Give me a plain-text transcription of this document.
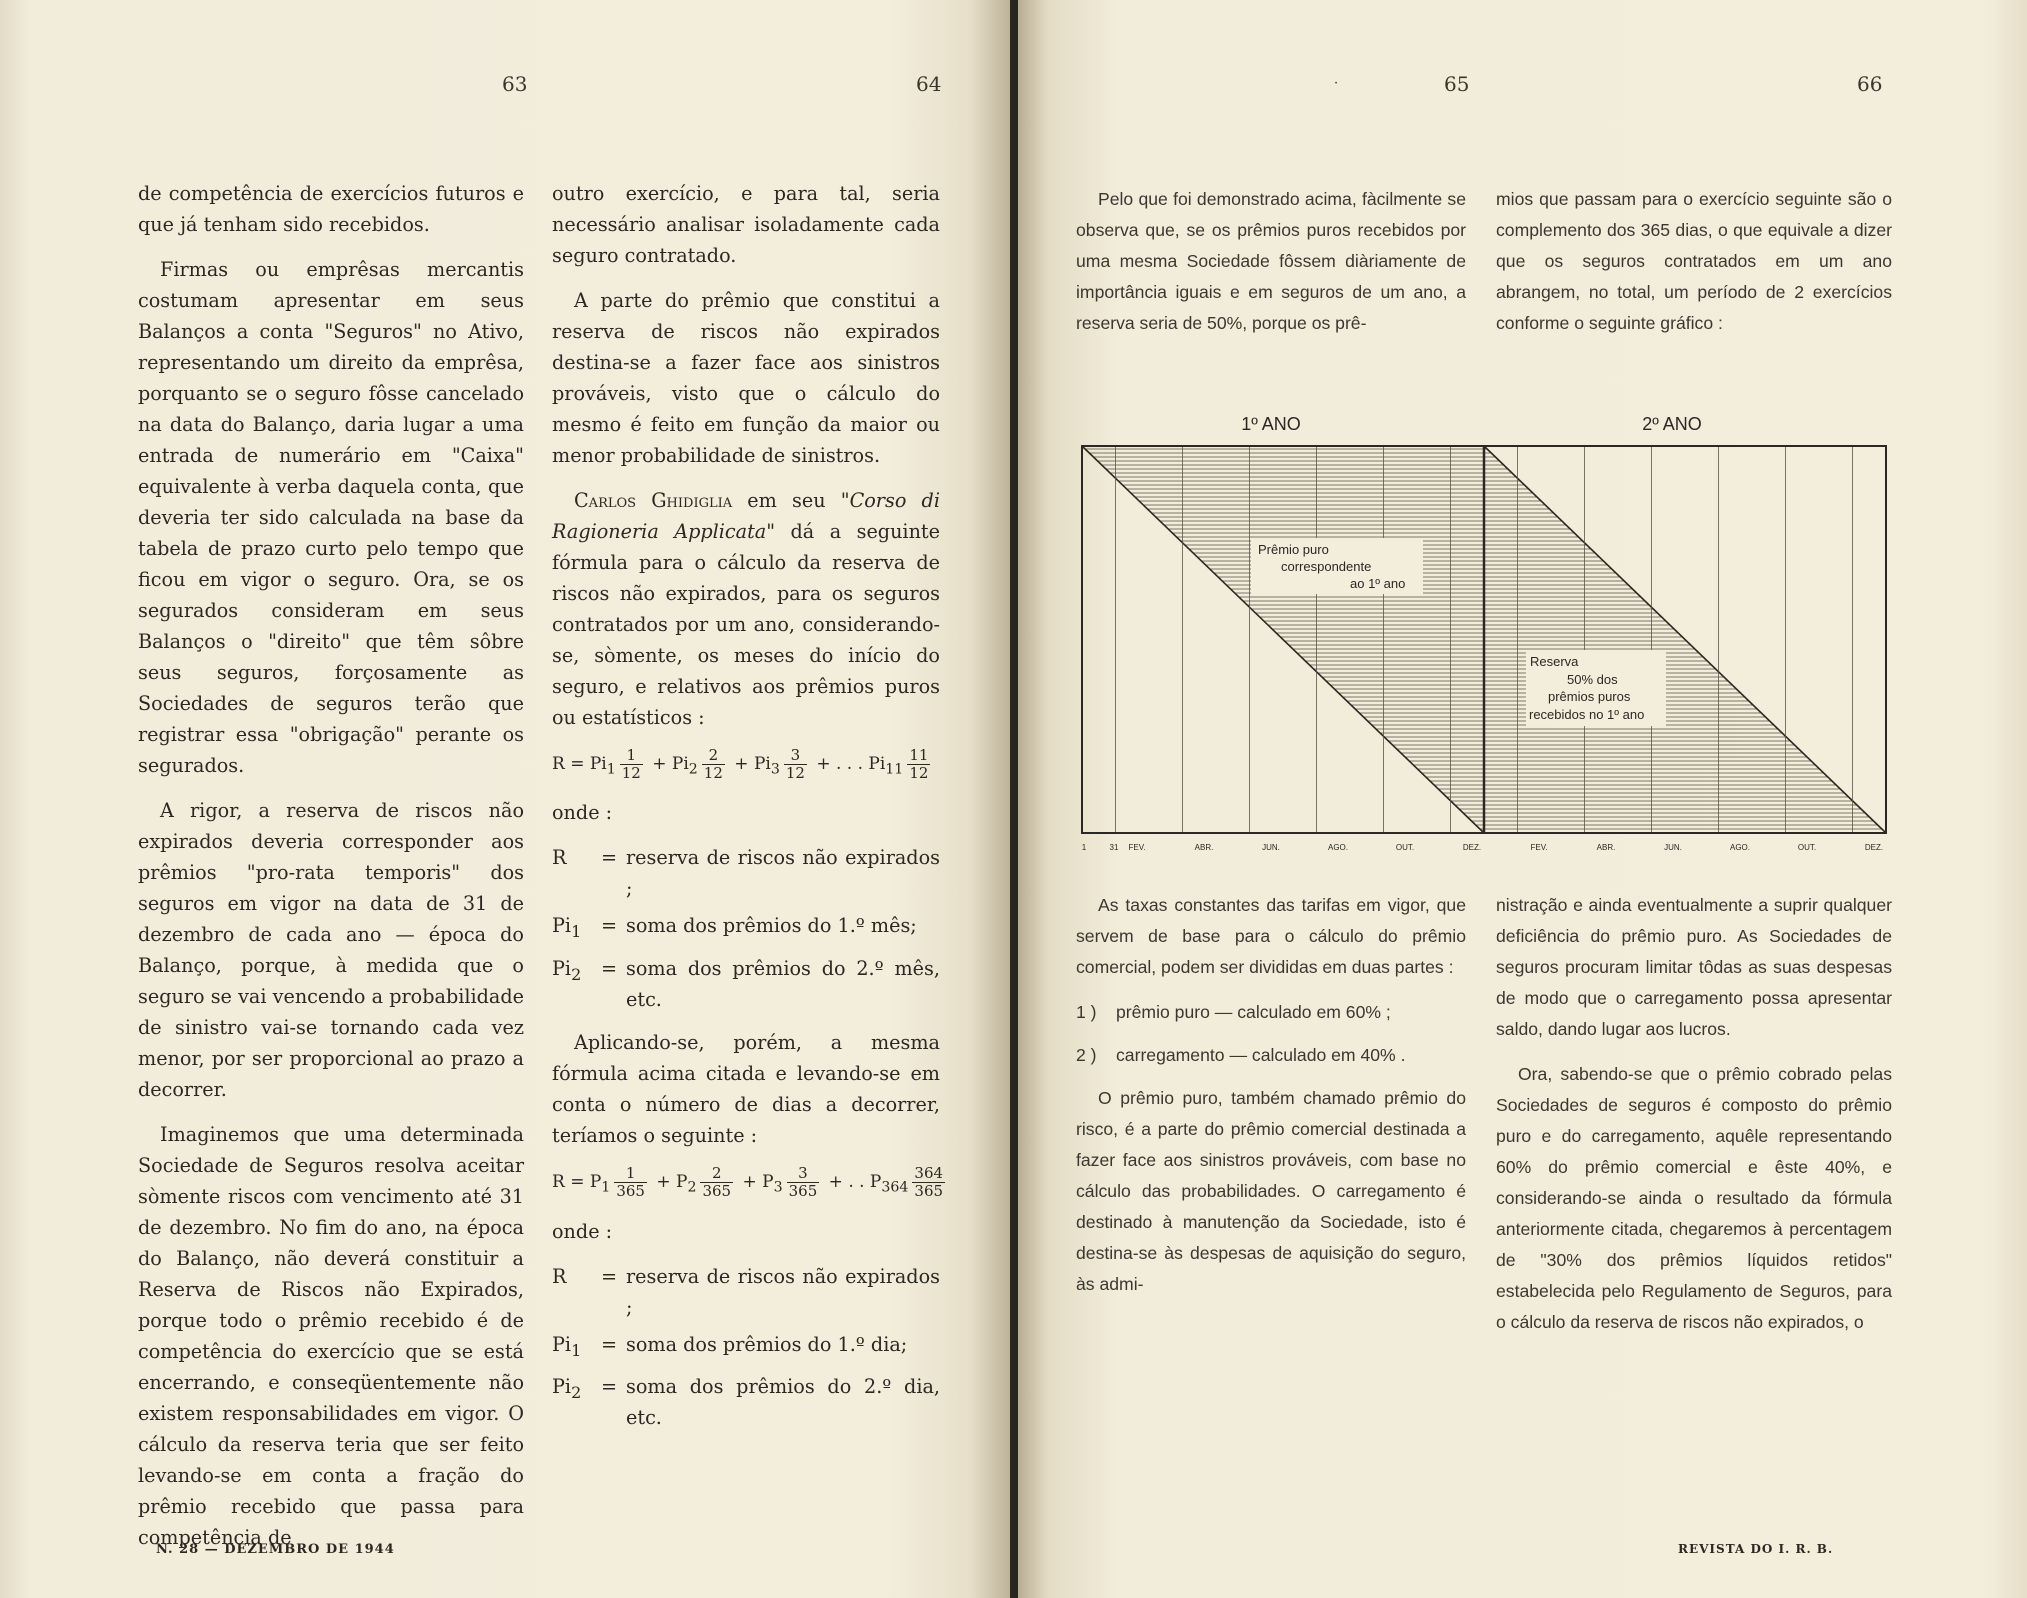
63	64

de competência de exercícios futuros e que já tenham sido recebidos.

Firmas ou emprêsas mercantis costumam apresentar em seus Balanços a conta "Seguros" no Ativo, representando um direito da emprêsa, porquanto se o seguro fôsse cancelado na data do Balanço, daria lugar a uma entrada de numerário em "Caixa" equivalente à verba daquela conta, que deveria ter sido calculada na base da tabela de prazo curto pelo tempo que ficou em vigor o seguro. Ora, se os segurados consideram em seus Balanços o "direito" que têm sôbre seus seguros, forçosamente as Sociedades de seguros terão que registrar essa "obrigação" perante os segurados.

A rigor, a reserva de riscos não expirados deveria corresponder aos prêmios "pro-rata temporis" dos seguros em vigor na data de 31 de dezembro de cada ano — época do Balanço, porque, à medida que o seguro se vai vencendo a probabilidade de sinistro vai-se tornando cada vez menor, por ser proporcional ao prazo a decorrer.

Imaginemos que uma determinada Sociedade de Seguros resolva aceitar sòmente riscos com vencimento até 31 de dezembro. No fim do ano, na época do Balanço, não deverá constituir a Reserva de Riscos não Expirados, porque todo o prêmio recebido é de competência do exercício que se está encerrando, e conseqüentemente não existem responsabilidades em vigor. O cálculo da reserva teria que ser feito levando-se em conta a fração do prêmio recebido que passa para competência de

outro exercício, e para tal, seria necessário analisar isoladamente cada seguro contratado.

A parte do prêmio que constitui a reserva de riscos não expirados destina-se a fazer face aos sinistros prováveis, visto que o cálculo do mesmo é feito em função da maior ou menor probabilidade de sinistros.

Carlos Ghidiglia em seu "Corso di Ragioneria Applicata" dá a seguinte fórmula para o cálculo da reserva de riscos não expirados, para os seguros contratados por um ano, considerando-se, sòmente, os meses do início do seguro, e relativos aos prêmios puros ou estatísticos :

$R = Pi_1 \frac{1}{12} + Pi_2 \frac{2}{12} + Pi_3 \frac{3}{12}$ + . . . $Pi_{11} \frac{11}{12}$

onde :

R	= reserva de riscos não expirados ;
$Pi_1$	= soma dos prêmios do 1.º mês;
$Pi_2$	= soma dos prêmios do 2.º mês, etc.

Aplicando-se, porém, a mesma fórmula acima citada e levando-se em conta o número de dias a decorrer, teríamos o seguinte :

$R = P_1 \frac{1}{365} + P_2 \frac{2}{365} + P_3 \frac{3}{365}$ + . . $P_{364} \frac{364}{365}$

onde :

R	= reserva de riscos não expirados ;
$Pi_1$	= soma dos prêmios do 1.º dia;
$Pi_2$	= soma dos prêmios do 2.º dia, etc.
N. 28 — DEZEMBRO DE 1944
·	65	66

Pelo que foi demonstrado acima, fàcilmente se observa que, se os prêmios puros recebidos por uma mesma Sociedade fôssem diàriamente de importância iguais e em seguros de um ano, a reserva seria de 50%, porque os prê-

mios que passam para o exercício seguinte são o complemento dos 365 dias, o que equivale a dizer que os seguros contratados em um ano abrangem, no total, um período de 2 exercícios conforme o seguinte gráfico :

As taxas constantes das tarifas em vigor, que servem de base para o cálculo do prêmio comercial, podem ser divididas em duas partes :

1 )	prêmio puro — calculado em 60% ;
2 )	carregamento — calculado em 40% .

O prêmio puro, também chamado prêmio do risco, é a parte do prêmio comercial destinada a fazer face aos sinistros prováveis, com base no cálculo das probabilidades. O carregamento é destinado à manutenção da Sociedade, isto é destina-se às despesas de aquisição do seguro, às admi-

nistração e ainda eventualmente a suprir qualquer deficiência do prêmio puro. As Sociedades de seguros procuram limitar tôdas as suas despesas de modo que o carregamento possa apresentar saldo, dando lugar aos lucros.

Ora, sabendo-se que o prêmio cobrado pelas Sociedades de seguros é composto do prêmio puro e do carregamento, aquêle representando 60% do prêmio comercial e êste 40%, e considerando-se ainda o resultado da fórmula anteriormente citada, chegaremos à percentagem de "30% dos prêmios líquidos retidos" estabelecida pelo Regulamento de Seguros, para o cálculo da reserva de riscos não expirados, o

REVISTA DO I. R. B.
1º ANO	2º ANO
Prêmio puro
correspondente
ao 1º ano
Reserva
50% dos
prêmios puros
recebidos no 1º ano
1	31 FEV.	ABR.	JUN.	AGO.	OUT.	DEZ.	FEV.	ABR.	JUN.	AGO.	OUT.	DEZ.
